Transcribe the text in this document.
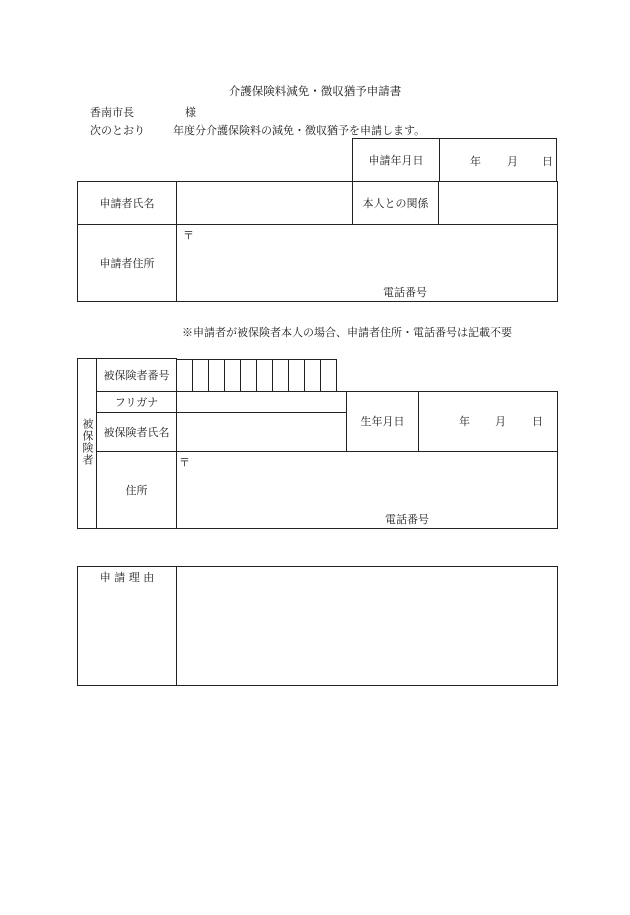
介護保険料減免・徴収猶予申請書
香南市長	様
次のとおり	年度分介護保険料の減免・徴収猶予を申請します。
申請年月日	年 月 日
申請者氏名		本人との関係	
申請者住所	〒
電話番号		
※申請者が被保険者本人の場合、申請者住所・電話番号は記載不要
被保険者	被保険者番号			

	フリガナ		生年月日	年 月 日

	被保険者氏名			
	住所	〒
電話番号		
申 請 理 由	
